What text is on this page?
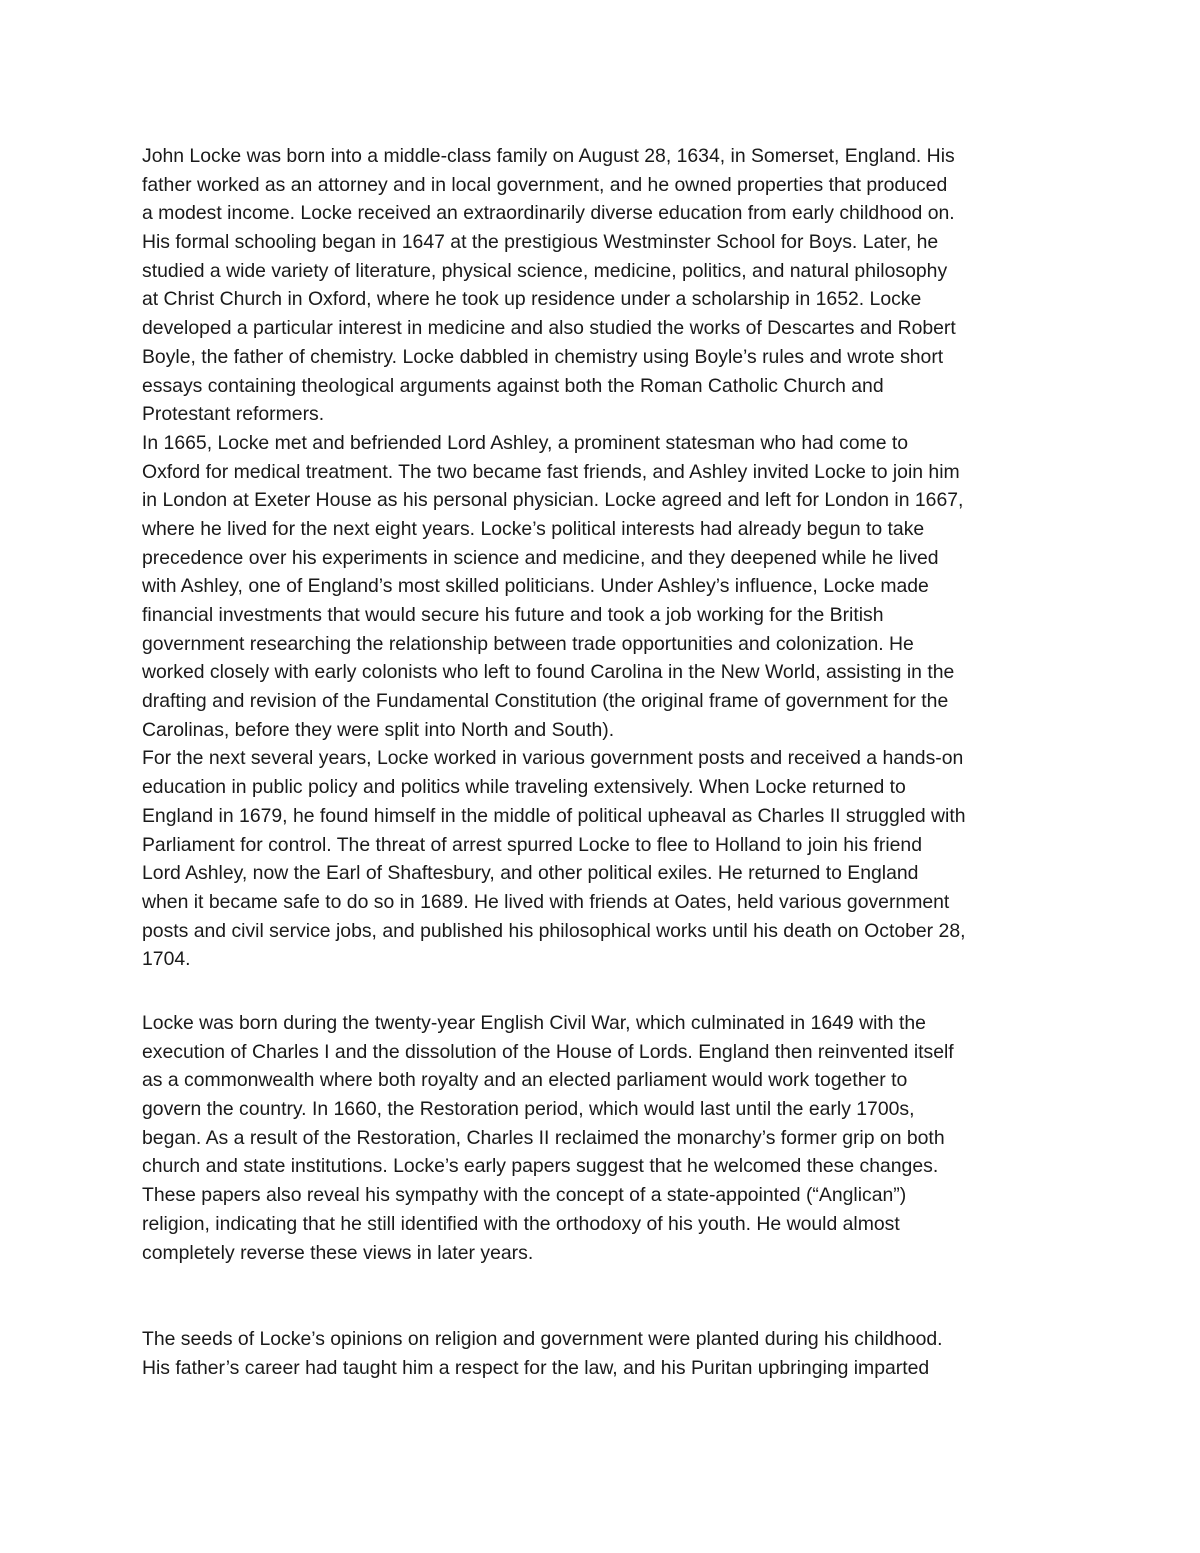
John Locke was born into a middle-class family on August 28, 1634, in Somerset, England. His
father worked as an attorney and in local government, and he owned properties that produced
a modest income. Locke received an extraordinarily diverse education from early childhood on.
His formal schooling began in 1647 at the prestigious Westminster School for Boys. Later, he
studied a wide variety of literature, physical science, medicine, politics, and natural philosophy
at Christ Church in Oxford, where he took up residence under a scholarship in 1652. Locke
developed a particular interest in medicine and also studied the works of Descartes and Robert
Boyle, the father of chemistry. Locke dabbled in chemistry using Boyle’s rules and wrote short
essays containing theological arguments against both the Roman Catholic Church and
Protestant reformers.
In 1665, Locke met and befriended Lord Ashley, a prominent statesman who had come to
Oxford for medical treatment. The two became fast friends, and Ashley invited Locke to join him
in London at Exeter House as his personal physician. Locke agreed and left for London in 1667,
where he lived for the next eight years. Locke’s political interests had already begun to take
precedence over his experiments in science and medicine, and they deepened while he lived
with Ashley, one of England’s most skilled politicians. Under Ashley’s influence, Locke made
financial investments that would secure his future and took a job working for the British
government researching the relationship between trade opportunities and colonization. He
worked closely with early colonists who left to found Carolina in the New World, assisting in the
drafting and revision of the Fundamental Constitution (the original frame of government for the
Carolinas, before they were split into North and South).
For the next several years, Locke worked in various government posts and received a hands-on
education in public policy and politics while traveling extensively. When Locke returned to
England in 1679, he found himself in the middle of political upheaval as Charles II struggled with
Parliament for control. The threat of arrest spurred Locke to flee to Holland to join his friend
Lord Ashley, now the Earl of Shaftesbury, and other political exiles. He returned to England
when it became safe to do so in 1689. He lived with friends at Oates, held various government
posts and civil service jobs, and published his philosophical works until his death on October 28,
1704.
Locke was born during the twenty-year English Civil War, which culminated in 1649 with the
execution of Charles I and the dissolution of the House of Lords. England then reinvented itself
as a commonwealth where both royalty and an elected parliament would work together to
govern the country. In 1660, the Restoration period, which would last until the early 1700s,
began. As a result of the Restoration, Charles II reclaimed the monarchy’s former grip on both
church and state institutions. Locke’s early papers suggest that he welcomed these changes.
These papers also reveal his sympathy with the concept of a state-appointed (“Anglican”)
religion, indicating that he still identified with the orthodoxy of his youth. He would almost
completely reverse these views in later years.
The seeds of Locke’s opinions on religion and government were planted during his childhood.
His father’s career had taught him a respect for the law, and his Puritan upbringing imparted
